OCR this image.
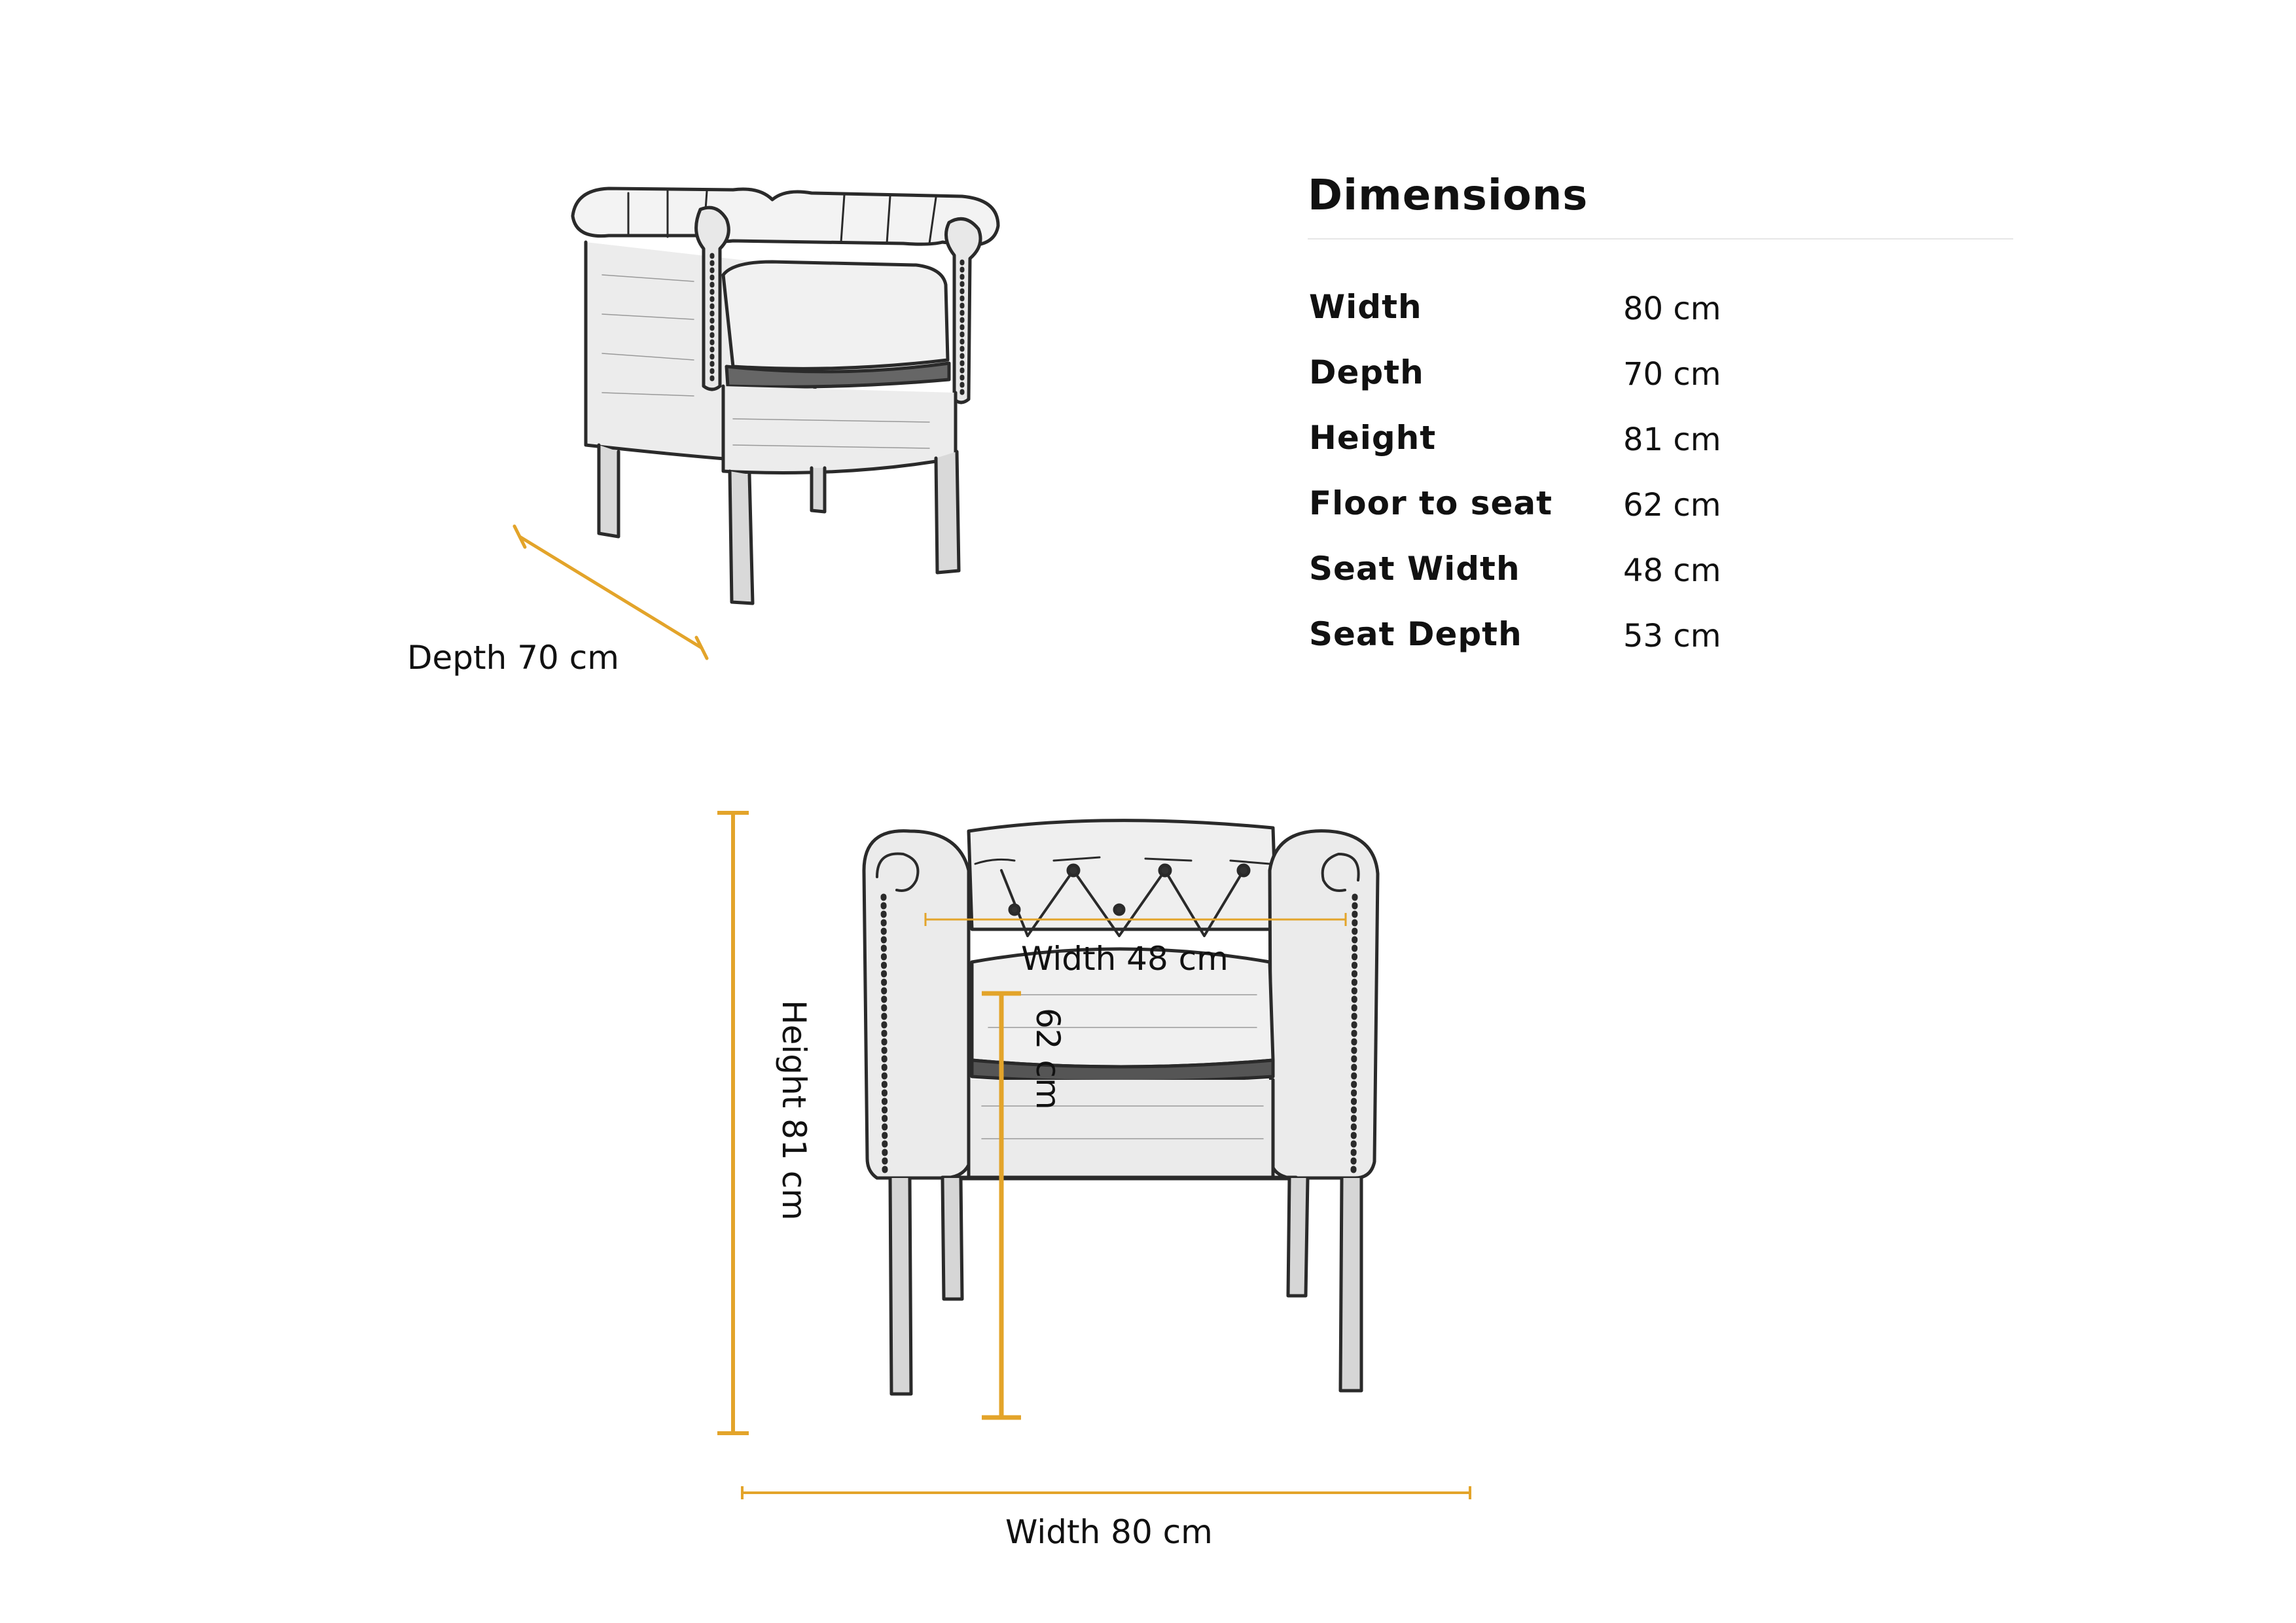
Depth 70 cm
Dimensions
Width	80 cm
Depth	70 cm
Height	81 cm
Floor to seat 62 cm
Seat Width	48 cm
Seat Depth	53 cm
Width 48 cm
62 cm
Height 81 cm
Width 80 cm
